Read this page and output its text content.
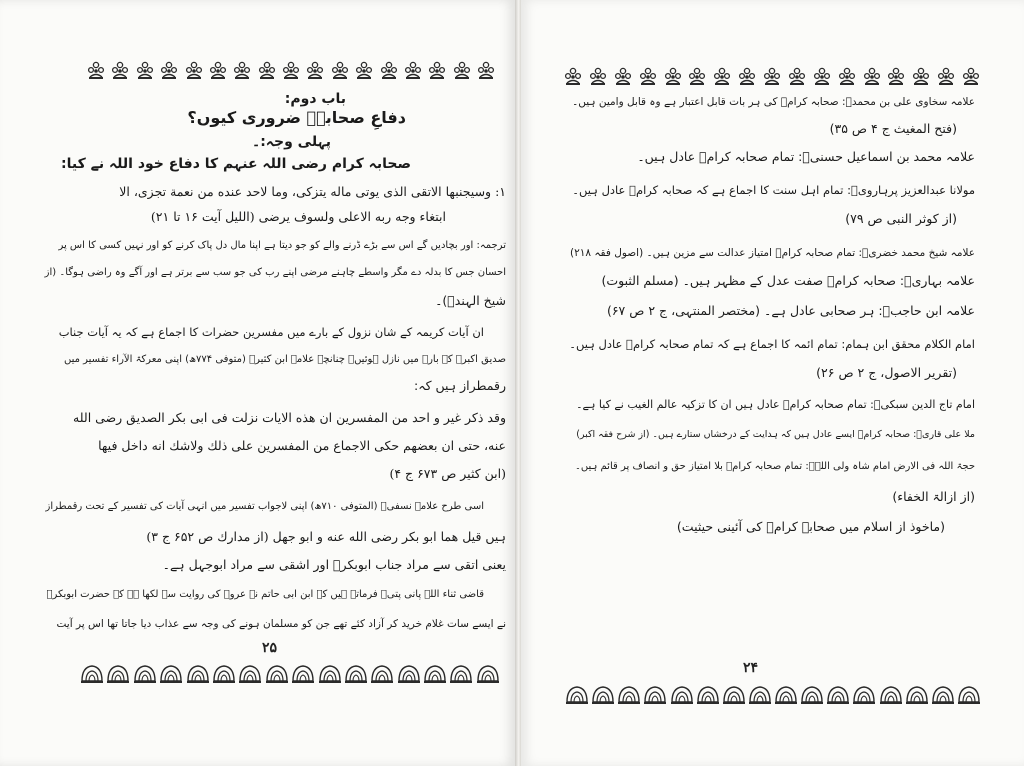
باب دوم:
دفاعِ صحابہؓ ضروری کیوں؟
پہلی وجہ:۔
صحابہ کرام رضی اللہ عنہم کا دفاع خود اللہ نے کیا:
۱: وسيجنبها الاتقى الذى يوتى ماله يتزكى، وما لاحد عنده من نعمة تجزى، الا
ابتغاء وجه ربه الاعلى ولسوف يرضى (الليل آيت ۱۶ تا ۲۱)
ترجمہ: اور بچادیں گے اس سے بڑے ڈرنے والے کو جو دیتا ہے اپنا مال دل پاک کرنے کو اور نہیں کسی کا اس پر
احسان جس کا بدلہ دے مگر واسطے چاہنے مرضی اپنے رب کی جو سب سے برتر ہے اور آگے وہ راضی ہوگا۔ (از
شیخ الہندؒ)۔
ان آیات کریمہ کے شان نزول کے بارے میں مفسرین حضرات کا اجماع ہے کہ یہ آیات جناب
صدیق اکبرؓ کے بارے میں نازل ہوئیں۔ چنانچہ علامہ ابن کثیرؒ (متوفی ۷۷۴ھ) اپنی معرکۃ الآراء تفسیر میں
رقمطراز ہیں کہ:
وقد ذكر غير و احد من المفسرين ان هذه الايات نزلت فى ابى بكر الصديق رضى الله
عنه، حتى ان بعضهم حكى الاجماع من المفسرين على ذلك ولاشك انه داخل فيها
(ابن كثير ص ۶۷۳ ج ۴)
اسی طرح علامہ نسفیؒ (المتوفی ۷۱۰ھ) اپنی لاجواب تفسیر میں انہی آیات کی تفسیر کے تحت رقمطراز
ہیں قيل هما ابو بكر رضى الله عنه و ابو جهل (از مدارك ص ۶۵۲ ج ۳)
یعنی اتقی سے مراد جناب ابوبکرؓ اور اشقی سے مراد ابوجہل ہے۔
قاضی ثناء اللہ پانی پتیؒ فرماتے ہیں کہ ابن ابی حاتم نے عروہ کی روایت سے لکھا ہے کہ حضرت ابوبکرؓ
نے ایسے سات غلام خرید کر آزاد کئے تھے جن کو مسلمان ہونے کی وجہ سے عذاب دیا جاتا تھا اس پر آیت
۲۵
علامہ سخاوی علی بن محمدؒ: صحابہ کرامؓ کی ہر بات قابل اعتبار ہے وہ قابل وامین ہیں۔
(فتح المغیث ج ۴ ص ۳۵)
علامہ محمد بن اسماعیل حسنیؒ: تمام صحابہ کرامؓ عادل ہیں۔
مولانا عبدالعزیز پرہارویؒ: تمام اہل سنت کا اجماع ہے کہ صحابہ کرامؓ عادل ہیں۔
(از کوثر النبی ص ۷۹)
علامہ شیخ محمد خضریؒ: تمام صحابہ کرامؓ امتیاز عدالت سے مزین ہیں۔ (اصول فقہ ۲۱۸)
علامہ بہاریؒ: صحابہ کرامؓ صفت عدل کے مظہر ہیں۔ (مسلم الثبوت)
علامہ ابن حاجبؒ: ہر صحابی عادل ہے۔ (مختصر المنتہی، ج ۲ ص ۶۷)
امام الکلام محقق ابن ہمام: تمام ائمہ کا اجماع ہے کہ تمام صحابہ کرامؓ عادل ہیں۔
(تقریر الاصول، ج ۲ ص ۲۶)
امام تاج الدین سبکیؒ: تمام صحابہ کرامؓ عادل ہیں ان کا تزکیہ عالم الغیب نے کیا ہے۔
ملا علی قاریؒ: صحابہ کرامؓ ایسے عادل ہیں کہ ہدایت کے درخشاں ستارے ہیں۔ (از شرح فقہ اکبر)
حجۃ اللہ فی الارض امام شاہ ولی اللہؒ: تمام صحابہ کرامؓ بلا امتیاز حق و انصاف پر قائم ہیں۔
(از ازالۃ الخفاء)
(ماخوذ از اسلام میں صحابہ کرامؓ کی آئینی حیثیت)
۲۴
